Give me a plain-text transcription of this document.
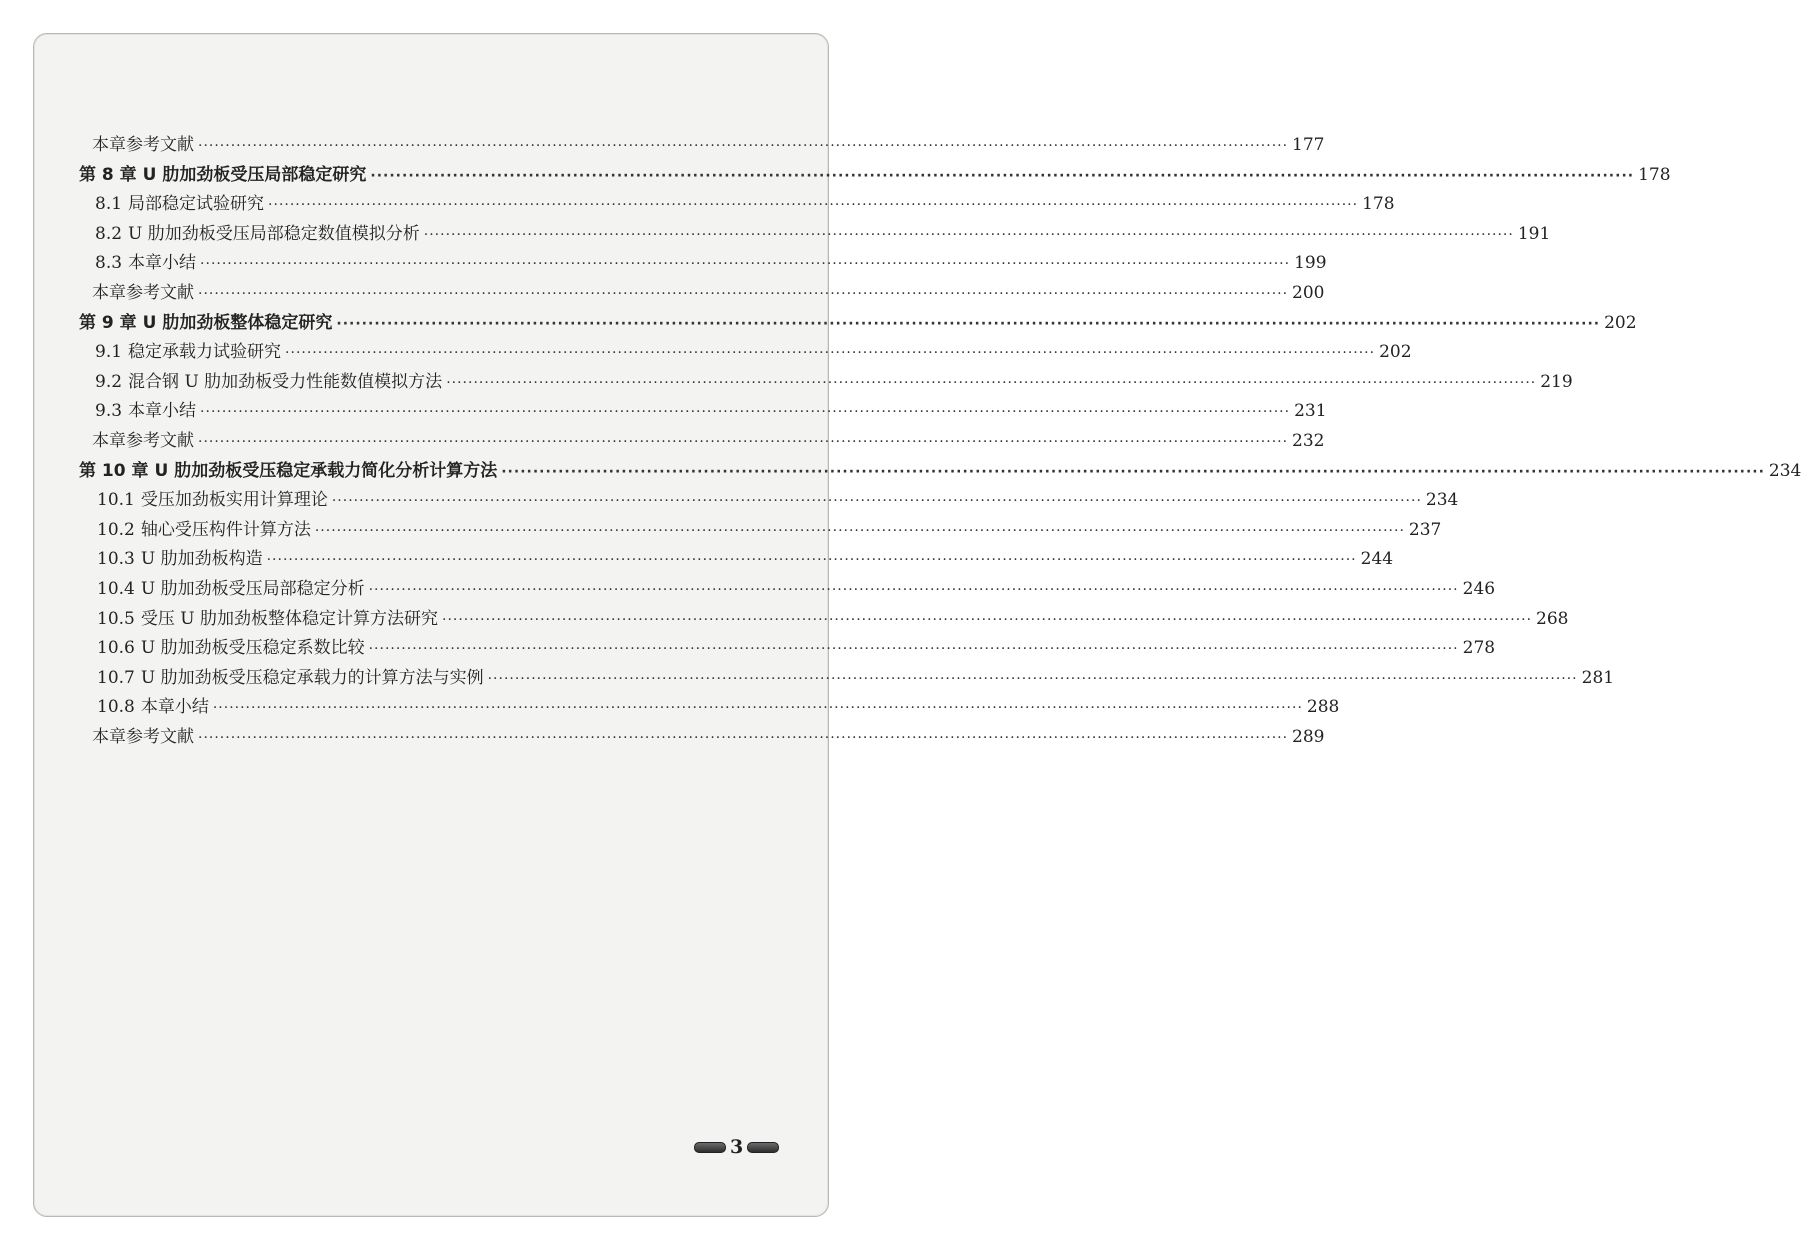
本章参考文献 ········································································································································································································ 177
第 8 章 U 肋加劲板受压局部稳定研究 ········································································································································································································ 178
8.1 局部稳定试验研究 ········································································································································································································ 178
8.2 U 肋加劲板受压局部稳定数值模拟分析 ········································································································································································································ 191
8.3 本章小结 ········································································································································································································ 199
本章参考文献 ········································································································································································································ 200
第 9 章 U 肋加劲板整体稳定研究 ········································································································································································································ 202
9.1 稳定承载力试验研究 ········································································································································································································ 202
9.2 混合钢 U 肋加劲板受力性能数值模拟方法 ········································································································································································································ 219
9.3 本章小结 ········································································································································································································ 231
本章参考文献 ········································································································································································································ 232
第 10 章 U 肋加劲板受压稳定承载力简化分析计算方法 ········································································································································································································ 234
10.1 受压加劲板实用计算理论 ········································································································································································································ 234
10.2 轴心受压构件计算方法 ········································································································································································································ 237
10.3 U 肋加劲板构造 ········································································································································································································ 244
10.4 U 肋加劲板受压局部稳定分析 ········································································································································································································ 246
10.5 受压 U 肋加劲板整体稳定计算方法研究 ········································································································································································································ 268
10.6 U 肋加劲板受压稳定系数比较 ········································································································································································································ 278
10.7 U 肋加劲板受压稳定承载力的计算方法与实例 ········································································································································································································ 281
10.8 本章小结 ········································································································································································································ 288
本章参考文献 ········································································································································································································ 289
3
